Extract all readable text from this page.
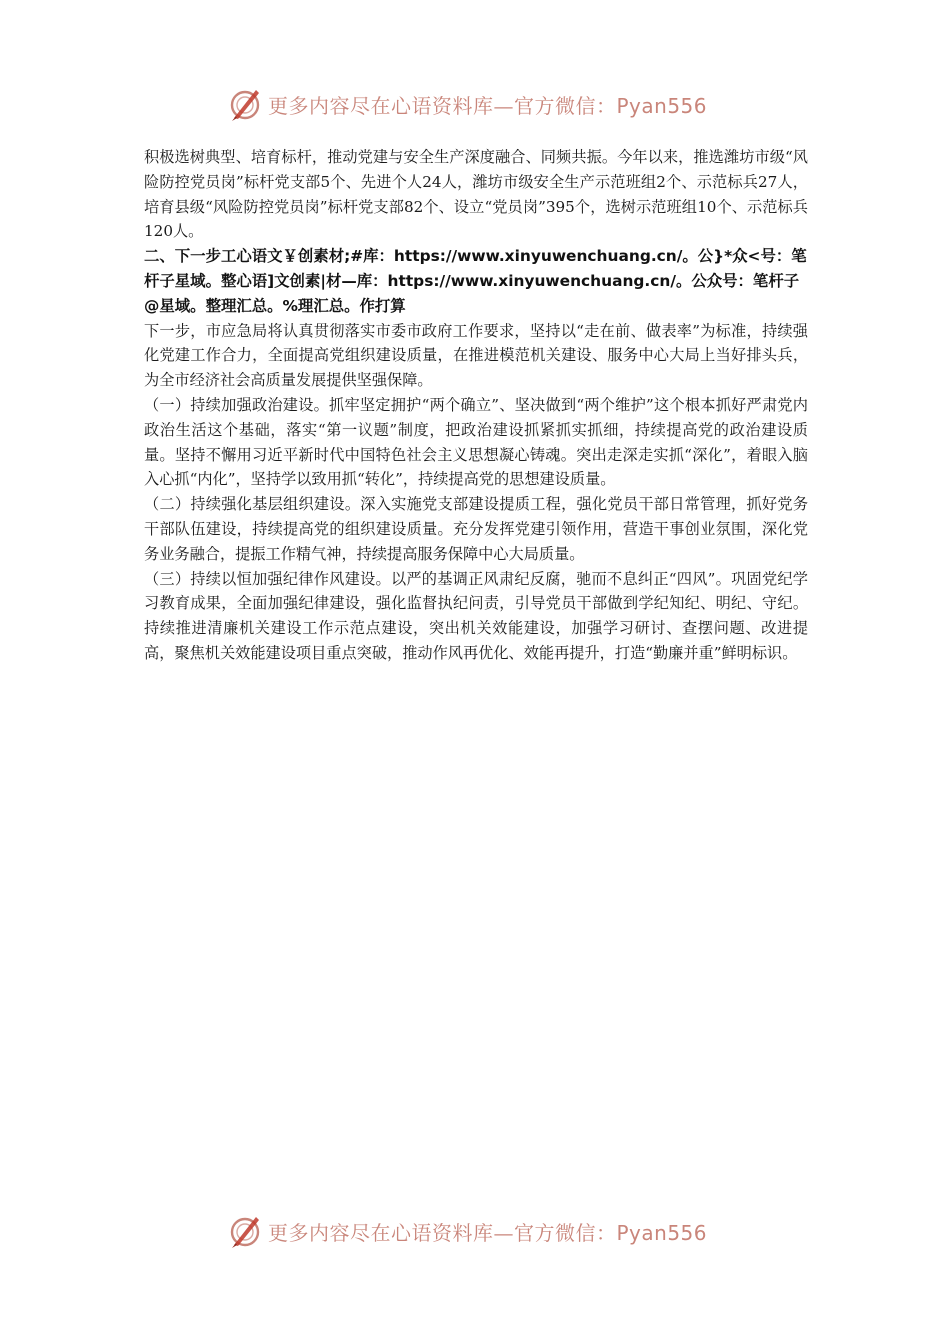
更多内容尽在心语资料库—官方微信：Pyan556

积极选树典型、培育标杆，推动党建与安全生产深度融合、同频共振。今年以来，推选潍坊市级“风险防控党员岗”标杆党支部5个、先进个人24人，潍坊市级安全生产示范班组2个、示范标兵27人，培育县级“风险防控党员岗”标杆党支部82个、设立“党员岗”395个，选树示范班组10个、示范标兵120人。

二、下一步工心语文￥创素材;#库：https://www.xinyuwenchuang.cn/。公}*众<号：笔杆子星域。整心语]文创素|材—库：https://www.xinyuwenchuang.cn/。公众号：笔杆子@星域。整理汇总。%理汇总。作打算

下一步，市应急局将认真贯彻落实市委市政府工作要求，坚持以“走在前、做表率”为标准，持续强化党建工作合力，全面提高党组织建设质量，在推进模范机关建设、服务中心大局上当好排头兵，为全市经济社会高质量发展提供坚强保障。

（一）持续加强政治建设。抓牢坚定拥护“两个确立”、坚决做到“两个维护”这个根本抓好严肃党内政治生活这个基础，落实“第一议题”制度，把政治建设抓紧抓实抓细，持续提高党的政治建设质量。坚持不懈用习近平新时代中国特色社会主义思想凝心铸魂。突出走深走实抓“深化”，着眼入脑入心抓“内化”，坚持学以致用抓“转化”，持续提高党的思想建设质量。

（二）持续强化基层组织建设。深入实施党支部建设提质工程，强化党员干部日常管理，抓好党务干部队伍建设，持续提高党的组织建设质量。充分发挥党建引领作用，营造干事创业氛围，深化党务业务融合，提振工作精气神，持续提高服务保障中心大局质量。

（三）持续以恒加强纪律作风建设。以严的基调正风肃纪反腐，驰而不息纠正“四风”。巩固党纪学习教育成果，全面加强纪律建设，强化监督执纪问责，引导党员干部做到学纪知纪、明纪、守纪。持续推进清廉机关建设工作示范点建设，突出机关效能建设，加强学习研讨、查摆问题、改进提高，聚焦机关效能建设项目重点突破，推动作风再优化、效能再提升，打造“勤廉并重”鲜明标识。

更多内容尽在心语资料库—官方微信：Pyan556
